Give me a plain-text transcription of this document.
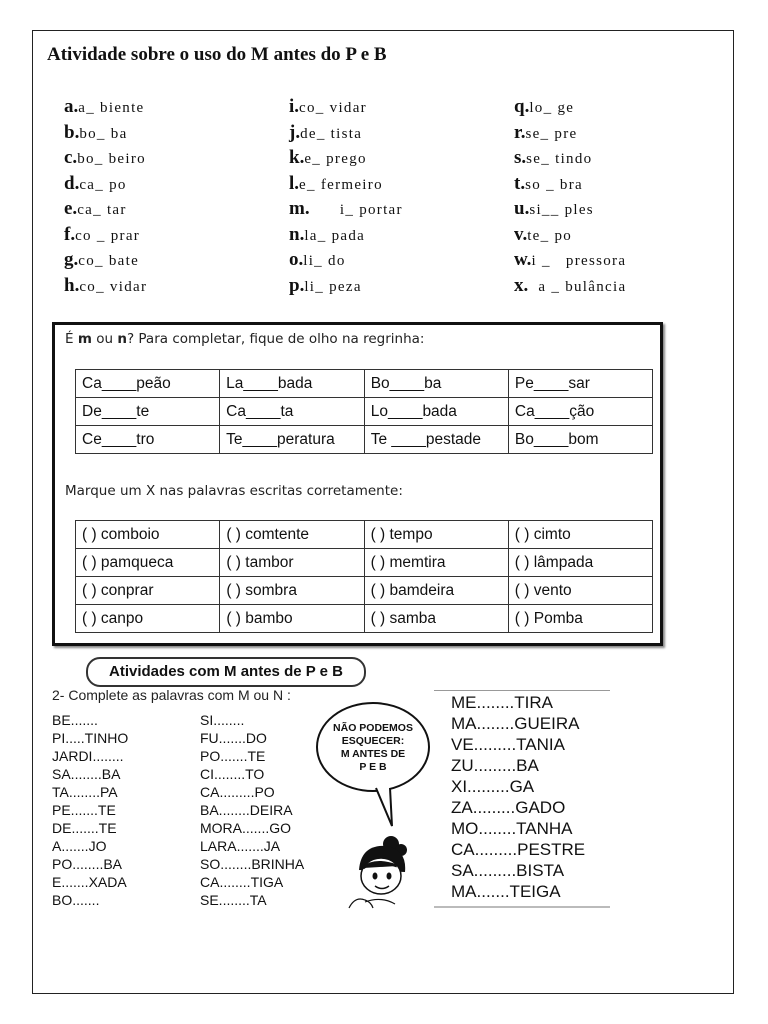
Atividade sobre o uso do M antes do P e B
a. a_ biente
b. bo_ ba
c. bo_ beiro
d. ca_ po
e. ca_ tar
f. co _ prar
g. co_ bate
h. co_ vidar
i. co_ vidar
j. de_ tista
k. e_ prego
l. e_ fermeiro
m. i_ portar
n. la_ pada
o. li_ do
p. li_ peza
q. lo_ ge
r. se_ pre
s. se_ tindo
t. so _ bra
u. si__ ples
v. te_ po
w. i _   pressora
x. a _ bulância
É m ou n? Para completar, fique de olho na regrinha:
Ca____peão	La____bada	Bo____ba	Pe____sar
De____te	Ca____ta	Lo____bada	Ca____ção
Ce____tro	Te____peratura	Te ____pestade	Bo____bom
Marque um X nas palavras escritas corretamente:
( ) comboio	( ) comtente	( ) tempo	( ) cimto
( ) pamqueca	( ) tambor	( ) memtira	( ) lâmpada
( ) conprar	( ) sombra	( ) bamdeira	( ) vento
( ) canpo	( ) bambo	( ) samba	( ) Pomba
Atividades com M antes de P e B
2- Complete as palavras com M ou N :
BE.......
PI.....TINHO
JARDI........
SA........BA
TA........PA
PE.......TE
DE.......TE
A.......JO
PO........BA
E.......XADA
BO.......
SI........
FU.......DO
PO.......TE
CI........TO
CA.........PO
BA........DEIRA
MORA.......GO
LARA.......JA
SO........BRINHA
CA........TIGA
SE........TA
NÃO PODEMOS
ESQUECER:
M ANTES DE
P E B
ME........TIRA
MA........GUEIRA
VE.........TANIA
ZU.........BA
XI.........GA
ZA.........GADO
MO........TANHA
CA.........PESTRE
SA.........BISTA
MA.......TEIGA
